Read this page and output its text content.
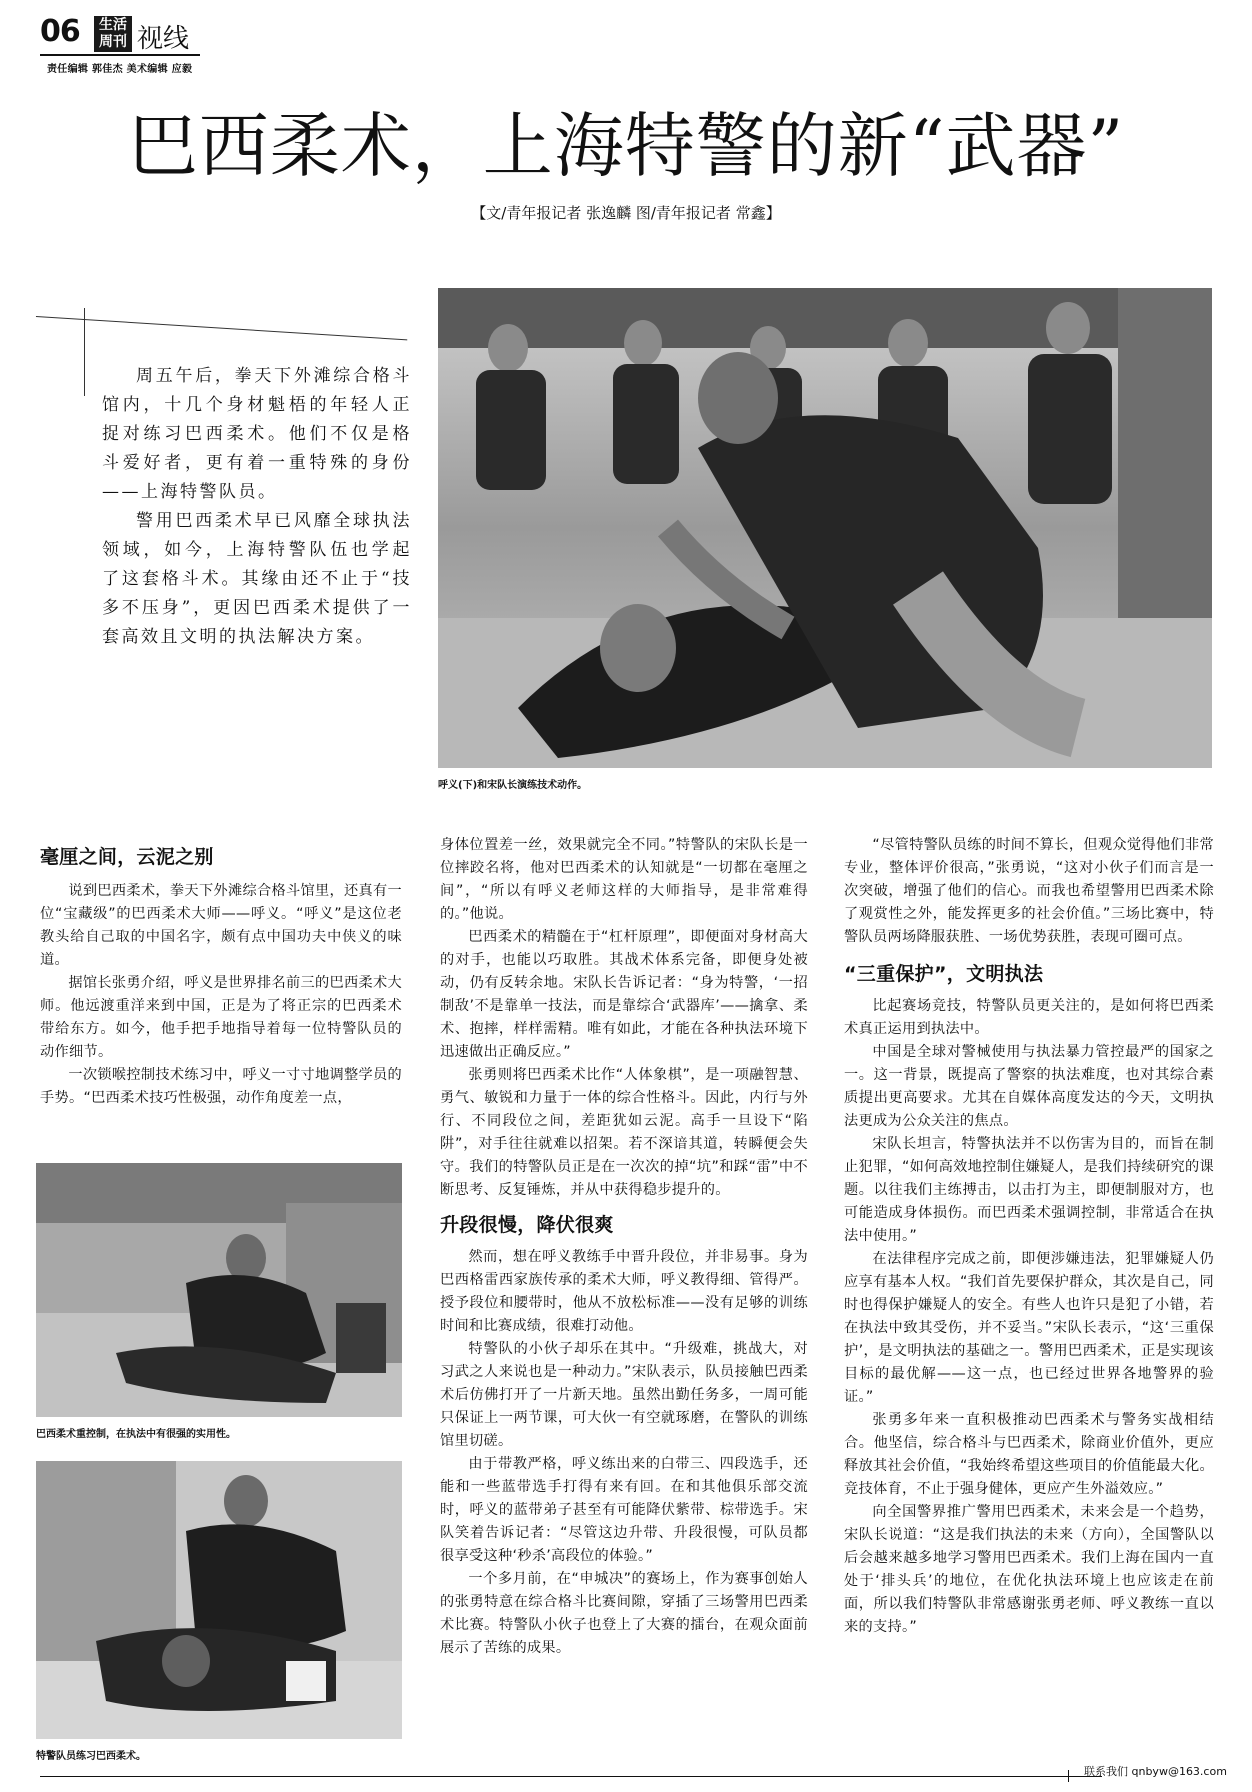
06	生活周刊 视线
责任编辑 郭佳杰 美术编辑 应毅
巴西柔术，上海特警的新“武器”
【文/青年报记者 张逸麟 图/青年报记者 常鑫】

周五午后，拳天下外滩综合格斗馆内，十几个身材魁梧的年轻人正捉对练习巴西柔术。他们不仅是格斗爱好者，更有着一重特殊的身份——上海特警队员。

警用巴西柔术早已风靡全球执法领域，如今，上海特警队伍也学起了这套格斗术。其缘由还不止于“技多不压身”，更因巴西柔术提供了一套高效且文明的执法解决方案。

呼义(下)和宋队长演练技术动作。
巴西柔术重控制，在执法中有很强的实用性。
特警队员练习巴西柔术。
毫厘之间，云泥之别

说到巴西柔术，拳天下外滩综合格斗馆里，还真有一位“宝藏级”的巴西柔术大师——呼义。“呼义”是这位老教头给自己取的中国名字，颇有点中国功夫中侠义的味道。

据馆长张勇介绍，呼义是世界排名前三的巴西柔术大师。他远渡重洋来到中国，正是为了将正宗的巴西柔术带给东方。如今，他手把手地指导着每一位特警队员的动作细节。

一次锁喉控制技术练习中，呼义一寸寸地调整学员的手势。“巴西柔术技巧性极强，动作角度差一点，

身体位置差一丝，效果就完全不同。”特警队的宋队长是一位摔跤名将，他对巴西柔术的认知就是“一切都在毫厘之间”，“所以有呼义老师这样的大师指导，是非常难得的。”他说。

巴西柔术的精髓在于“杠杆原理”，即便面对身材高大的对手，也能以巧取胜。其战术体系完备，即便身处被动，仍有反转余地。宋队长告诉记者：“身为特警，‘一招制敌’不是靠单一技法，而是靠综合‘武器库’——擒拿、柔术、抱摔，样样需精。唯有如此，才能在各种执法环境下迅速做出正确反应。”

张勇则将巴西柔术比作“人体象棋”，是一项融智慧、勇气、敏锐和力量于一体的综合性格斗。因此，内行与外行、不同段位之间，差距犹如云泥。高手一旦设下“陷阱”，对手往往就难以招架。若不深谙其道，转瞬便会失守。我们的特警队员正是在一次次的掉“坑”和踩“雷”中不断思考、反复锤炼，并从中获得稳步提升的。

升段很慢，降伏很爽

然而，想在呼义教练手中晋升段位，并非易事。身为巴西格雷西家族传承的柔术大师，呼义教得细、管得严。授予段位和腰带时，他从不放松标准——没有足够的训练时间和比赛成绩，很难打动他。

特警队的小伙子却乐在其中。“升级难，挑战大，对习武之人来说也是一种动力。”宋队表示，队员接触巴西柔术后仿佛打开了一片新天地。虽然出勤任务多，一周可能只保证上一两节课，可大伙一有空就琢磨，在警队的训练馆里切磋。

由于带教严格，呼义练出来的白带三、四段选手，还能和一些蓝带选手打得有来有回。在和其他俱乐部交流时，呼义的蓝带弟子甚至有可能降伏紫带、棕带选手。宋队笑着告诉记者：“尽管这边升带、升段很慢，可队员都很享受这种‘秒杀’高段位的体验。”

一个多月前，在“申城决”的赛场上，作为赛事创始人的张勇特意在综合格斗比赛间隙，穿插了三场警用巴西柔术比赛。特警队小伙子也登上了大赛的擂台，在观众面前展示了苦练的成果。

“尽管特警队员练的时间不算长，但观众觉得他们非常专业，整体评价很高，”张勇说，“这对小伙子们而言是一次突破，增强了他们的信心。而我也希望警用巴西柔术除了观赏性之外，能发挥更多的社会价值。”三场比赛中，特警队员两场降服获胜、一场优势获胜，表现可圈可点。

“三重保护”，文明执法

比起赛场竞技，特警队员更关注的，是如何将巴西柔术真正运用到执法中。

中国是全球对警械使用与执法暴力管控最严的国家之一。这一背景，既提高了警察的执法难度，也对其综合素质提出更高要求。尤其在自媒体高度发达的今天，文明执法更成为公众关注的焦点。

宋队长坦言，特警执法并不以伤害为目的，而旨在制止犯罪，“如何高效地控制住嫌疑人，是我们持续研究的课题。以往我们主练搏击，以击打为主，即便制服对方，也可能造成身体损伤。而巴西柔术强调控制，非常适合在执法中使用。”

在法律程序完成之前，即便涉嫌违法，犯罪嫌疑人仍应享有基本人权。“我们首先要保护群众，其次是自己，同时也得保护嫌疑人的安全。有些人也许只是犯了小错，若在执法中致其受伤，并不妥当。”宋队长表示，“这‘三重保护’，是文明执法的基础之一。警用巴西柔术，正是实现该目标的最优解——这一点，也已经过世界各地警界的验证。”

张勇多年来一直积极推动巴西柔术与警务实战相结合。他坚信，综合格斗与巴西柔术，除商业价值外，更应释放其社会价值，“我始终希望这些项目的价值能最大化。竞技体育，不止于强身健体，更应产生外溢效应。”

向全国警界推广警用巴西柔术，未来会是一个趋势，宋队长说道：“这是我们执法的未来（方向），全国警队以后会越来越多地学习警用巴西柔术。我们上海在国内一直处于‘排头兵’的地位，在优化执法环境上也应该走在前面，所以我们特警队非常感谢张勇老师、呼义教练一直以来的支持。”

联系我们 qnbyw@163.com
